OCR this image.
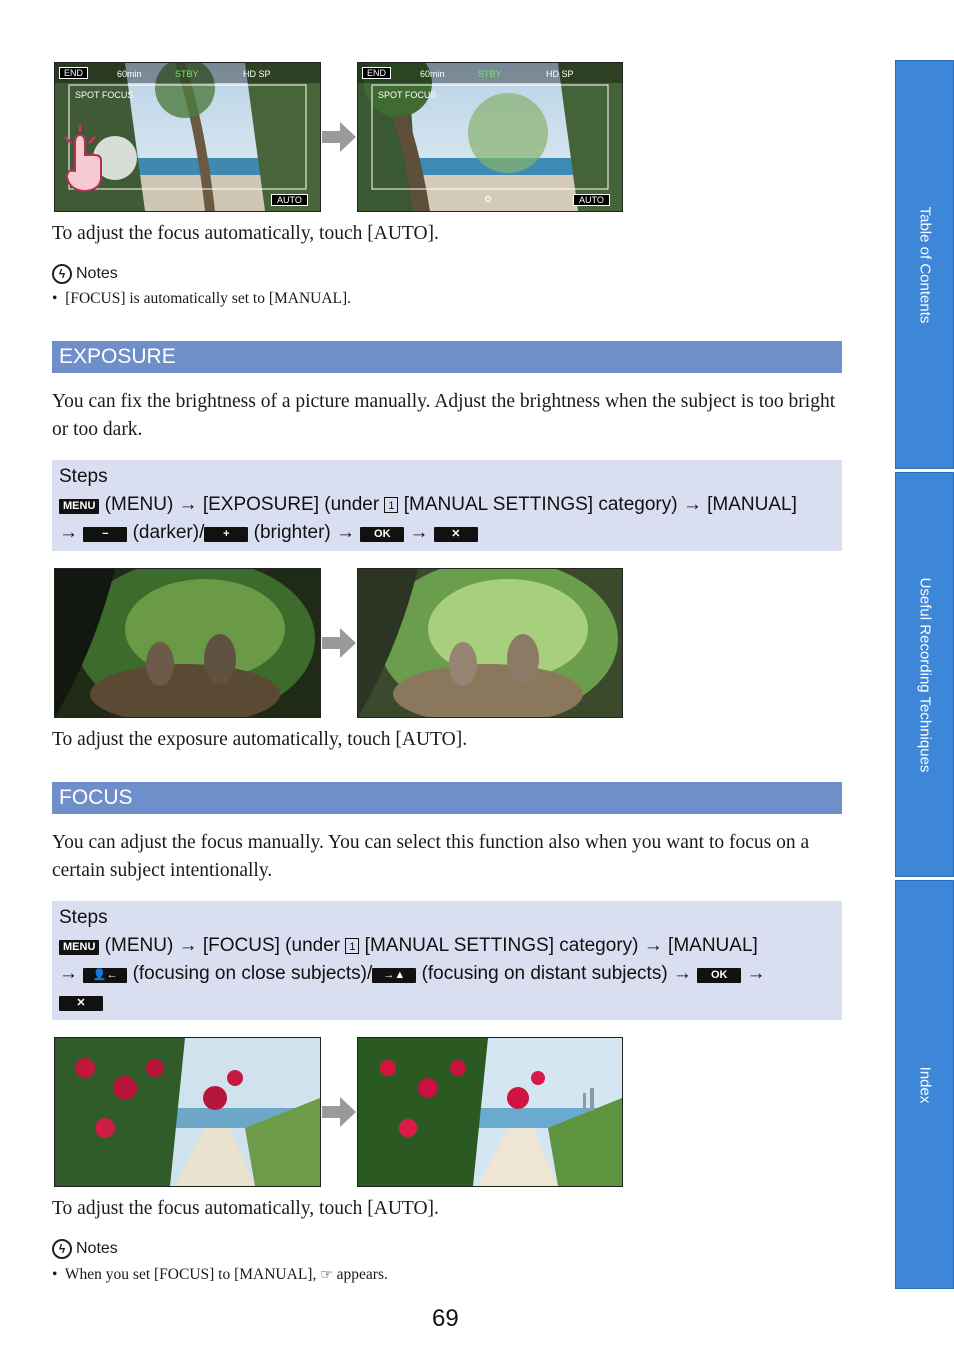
END	60min	STBY	HD SP
SPOT FOCUS
AUTO
END	60min	STBY	HD SP
SPOT FOCUS
⚙	AUTO
To adjust the focus automatically, touch [AUTO].
ϟ Notes
•  [FOCUS] is automatically set to [MANUAL].
EXPOSURE
You can fix the brightness of a picture manually. Adjust the brightness when the subject is too bright or too dark.
Steps
MENU (MENU) → [EXPOSURE] (under 1 [MANUAL SETTINGS] category) → [MANUAL]
→ − (darker)/ + (brighter) → OK → ✕
To adjust the exposure automatically, touch [AUTO].
FOCUS
You can adjust the focus manually. You can select this function also when you want to focus on a certain subject intentionally.
Steps
MENU (MENU) → [FOCUS] (under 1 [MANUAL SETTINGS] category) → [MANUAL]
→ 👤← (focusing on close subjects)/ →▲ (focusing on distant subjects) → OK →
✕
To adjust the focus automatically, touch [AUTO].
ϟ Notes
•  When you set [FOCUS] to [MANUAL], ☞ appears.
Table of Contents
Useful Recording Techniques
Index
69
